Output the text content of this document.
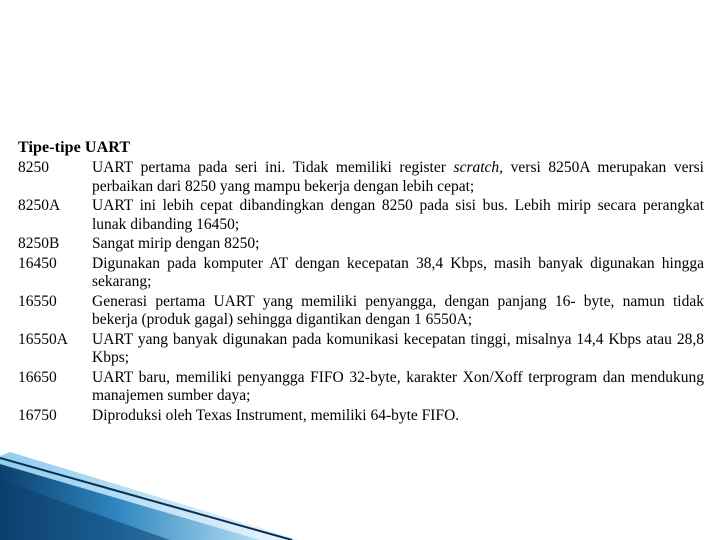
Tipe-tipe UART
8250	UART pertama pada seri ini. Tidak memiliki register scratch, versi 8250A merupakan versi perbaikan dari 8250 yang mampu bekerja dengan lebih cepat;
8250A	UART ini lebih cepat dibandingkan dengan 8250 pada sisi bus. Lebih mirip secara perangkat lunak dibanding 16450;
8250B	Sangat mirip dengan 8250;
16450	Digunakan pada komputer AT dengan kecepatan 38,4 Kbps, masih banyak digunakan hingga sekarang;
16550	Generasi pertama UART yang memiliki penyangga, dengan panjang 16- byte, namun tidak bekerja (produk gagal) sehingga digantikan dengan 1 6550A;
16550A	UART yang banyak digunakan pada komunikasi kecepatan tinggi, misalnya 14,4 Kbps atau 28,8 Kbps;
16650	UART baru, memiliki penyangga FIFO 32-byte, karakter Xon/Xoff terprogram dan mendukung manajemen sumber daya;
16750	Diproduksi oleh Texas Instrument, memiliki 64-byte FIFO.
